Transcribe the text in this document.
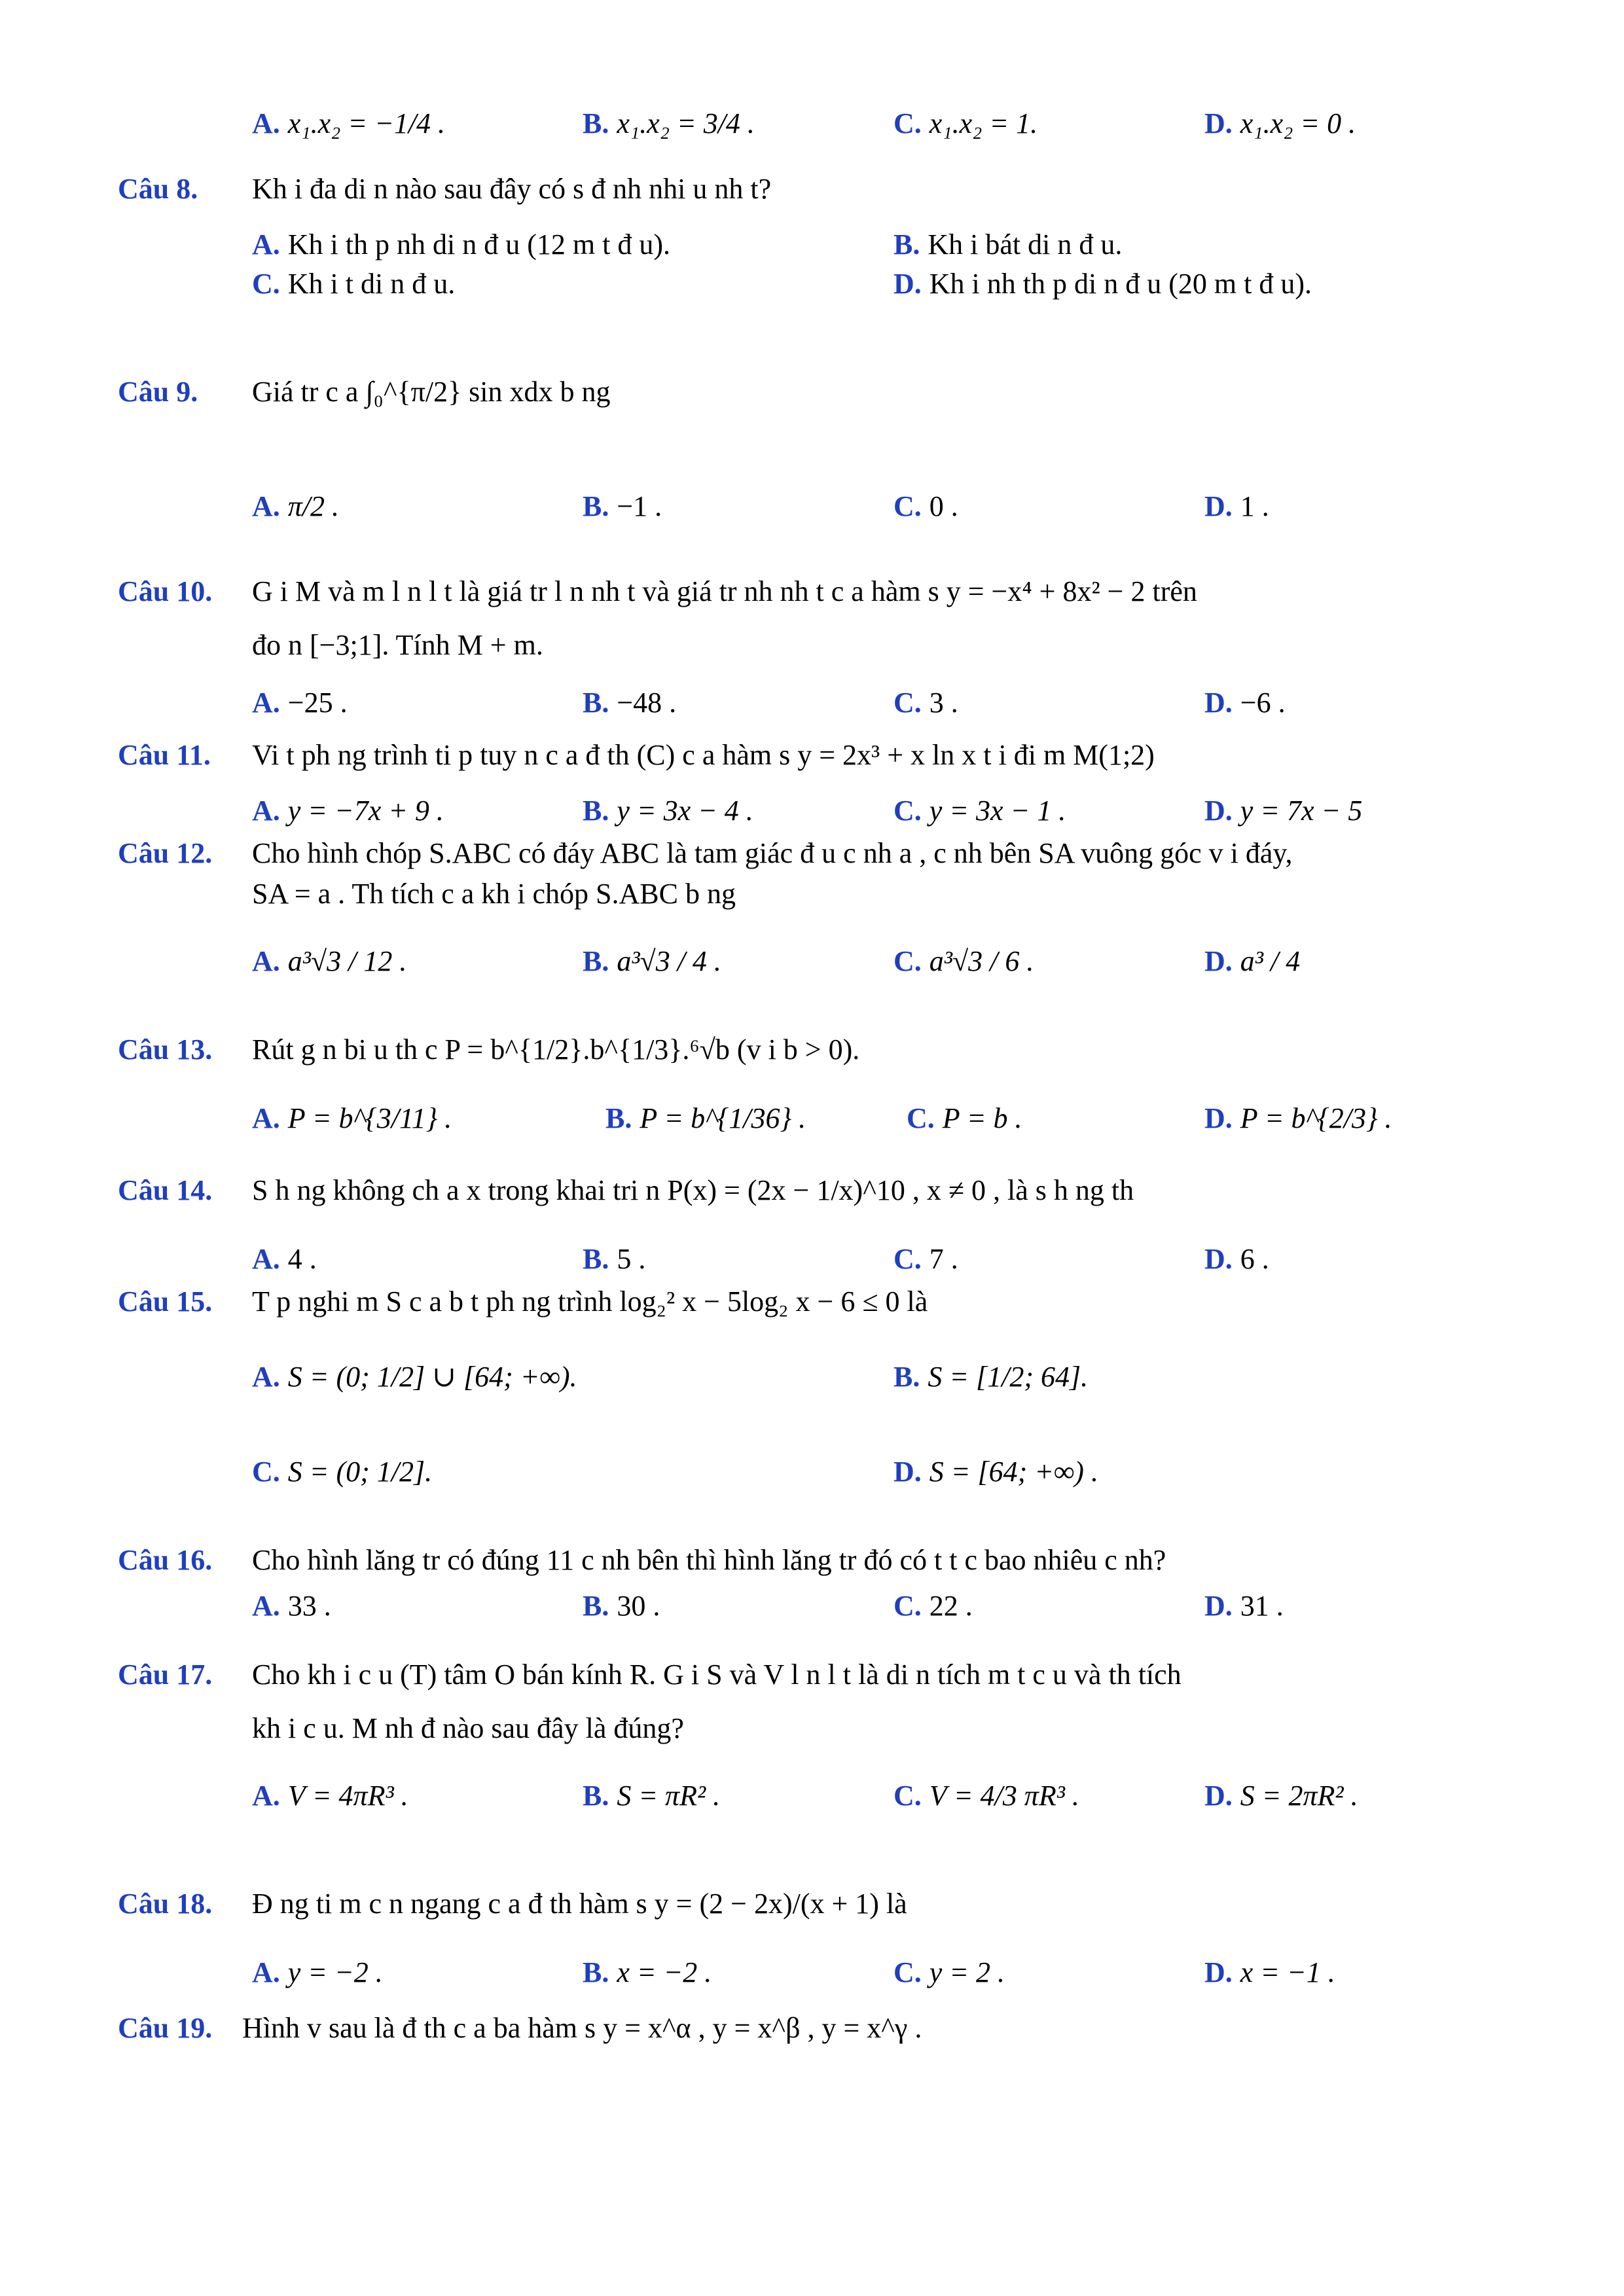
A. x₁.x₂ = −1/4 .	B. x₁.x₂ = 3/4 .	C. x₁.x₂ = 1.	D. x₁.x₂ = 0 .
Câu 8. Kh i đa di n nào sau đây có s đ nh nhi u nh t?
A. Kh i th p nh di n đ u (12 m t đ u).	B. Kh i bát di n đ u.
C. Kh i t di n đ u.	D. Kh i nh th p di n đ u (20 m t đ u).
Câu 9. Giá tr c a ∫₀^{π/2} sin xdx b ng
A. π/2 .	B. −1 .	C. 0 .	D. 1 .
Câu 10. G i M và m l n l t là giá tr l n nh t và giá tr nh nh t c a hàm s y = −x⁴ + 8x² − 2 trên
đo n [−3;1]. Tính M + m.
A. −25 .	B. −48 .	C. 3 .	D. −6 .
Câu 11. Vi t ph ng trình ti p tuy n c a đ th (C) c a hàm s y = 2x³ + x ln x t i đi m M(1;2)
A. y = −7x + 9 .	B. y = 3x − 4 .	C. y = 3x − 1 .	D. y = 7x − 5
Câu 12. Cho hình chóp S.ABC có đáy ABC là tam giác đ u c nh a , c nh bên SA vuông góc v i đáy,
SA = a . Th tích c a kh i chóp S.ABC b ng
A. a³√3 / 12 .	B. a³√3 / 4 .	C. a³√3 / 6 .	D. a³ / 4
Câu 13. Rút g n bi u th c P = b^{1/2}.b^{1/3}.⁶√b (v i b > 0).
A. P = b^{3/11} .	B. P = b^{1/36} .	C. P = b .	D. P = b^{2/3} .
Câu 14. S h ng không ch a x trong khai tri n P(x) = (2x − 1/x)^10 , x ≠ 0 , là s h ng th
A. 4 .	B. 5 .	C. 7 .	D. 6 .
Câu 15. T p nghi m S c a b t ph ng trình log₂² x − 5log₂ x − 6 ≤ 0 là
A. S = (0; 1/2] ∪ [64; +∞).	B. S = [1/2; 64].
C. S = (0; 1/2].	D. S = [64; +∞) .
Câu 16. Cho hình lăng tr có đúng 11 c nh bên thì hình lăng tr đó có t t c bao nhiêu c nh?
A. 33 .	B. 30 .	C. 22 .	D. 31 .
Câu 17. Cho kh i c u (T) tâm O bán kính R. G i S và V l n l t là di n tích m t c u và th tích
kh i c u. M nh đ nào sau đây là đúng?
A. V = 4πR³ .	B. S = πR² .	C. V = 4/3 πR³ .	D. S = 2πR² .
Câu 18. Đ ng ti m c n ngang c a đ th hàm s y = (2 − 2x)/(x + 1) là
A. y = −2 .	B. x = −2 .	C. y = 2 .	D. x = −1 .
Câu 19. Hình v sau là đ th c a ba hàm s y = x^α , y = x^β , y = x^γ .
